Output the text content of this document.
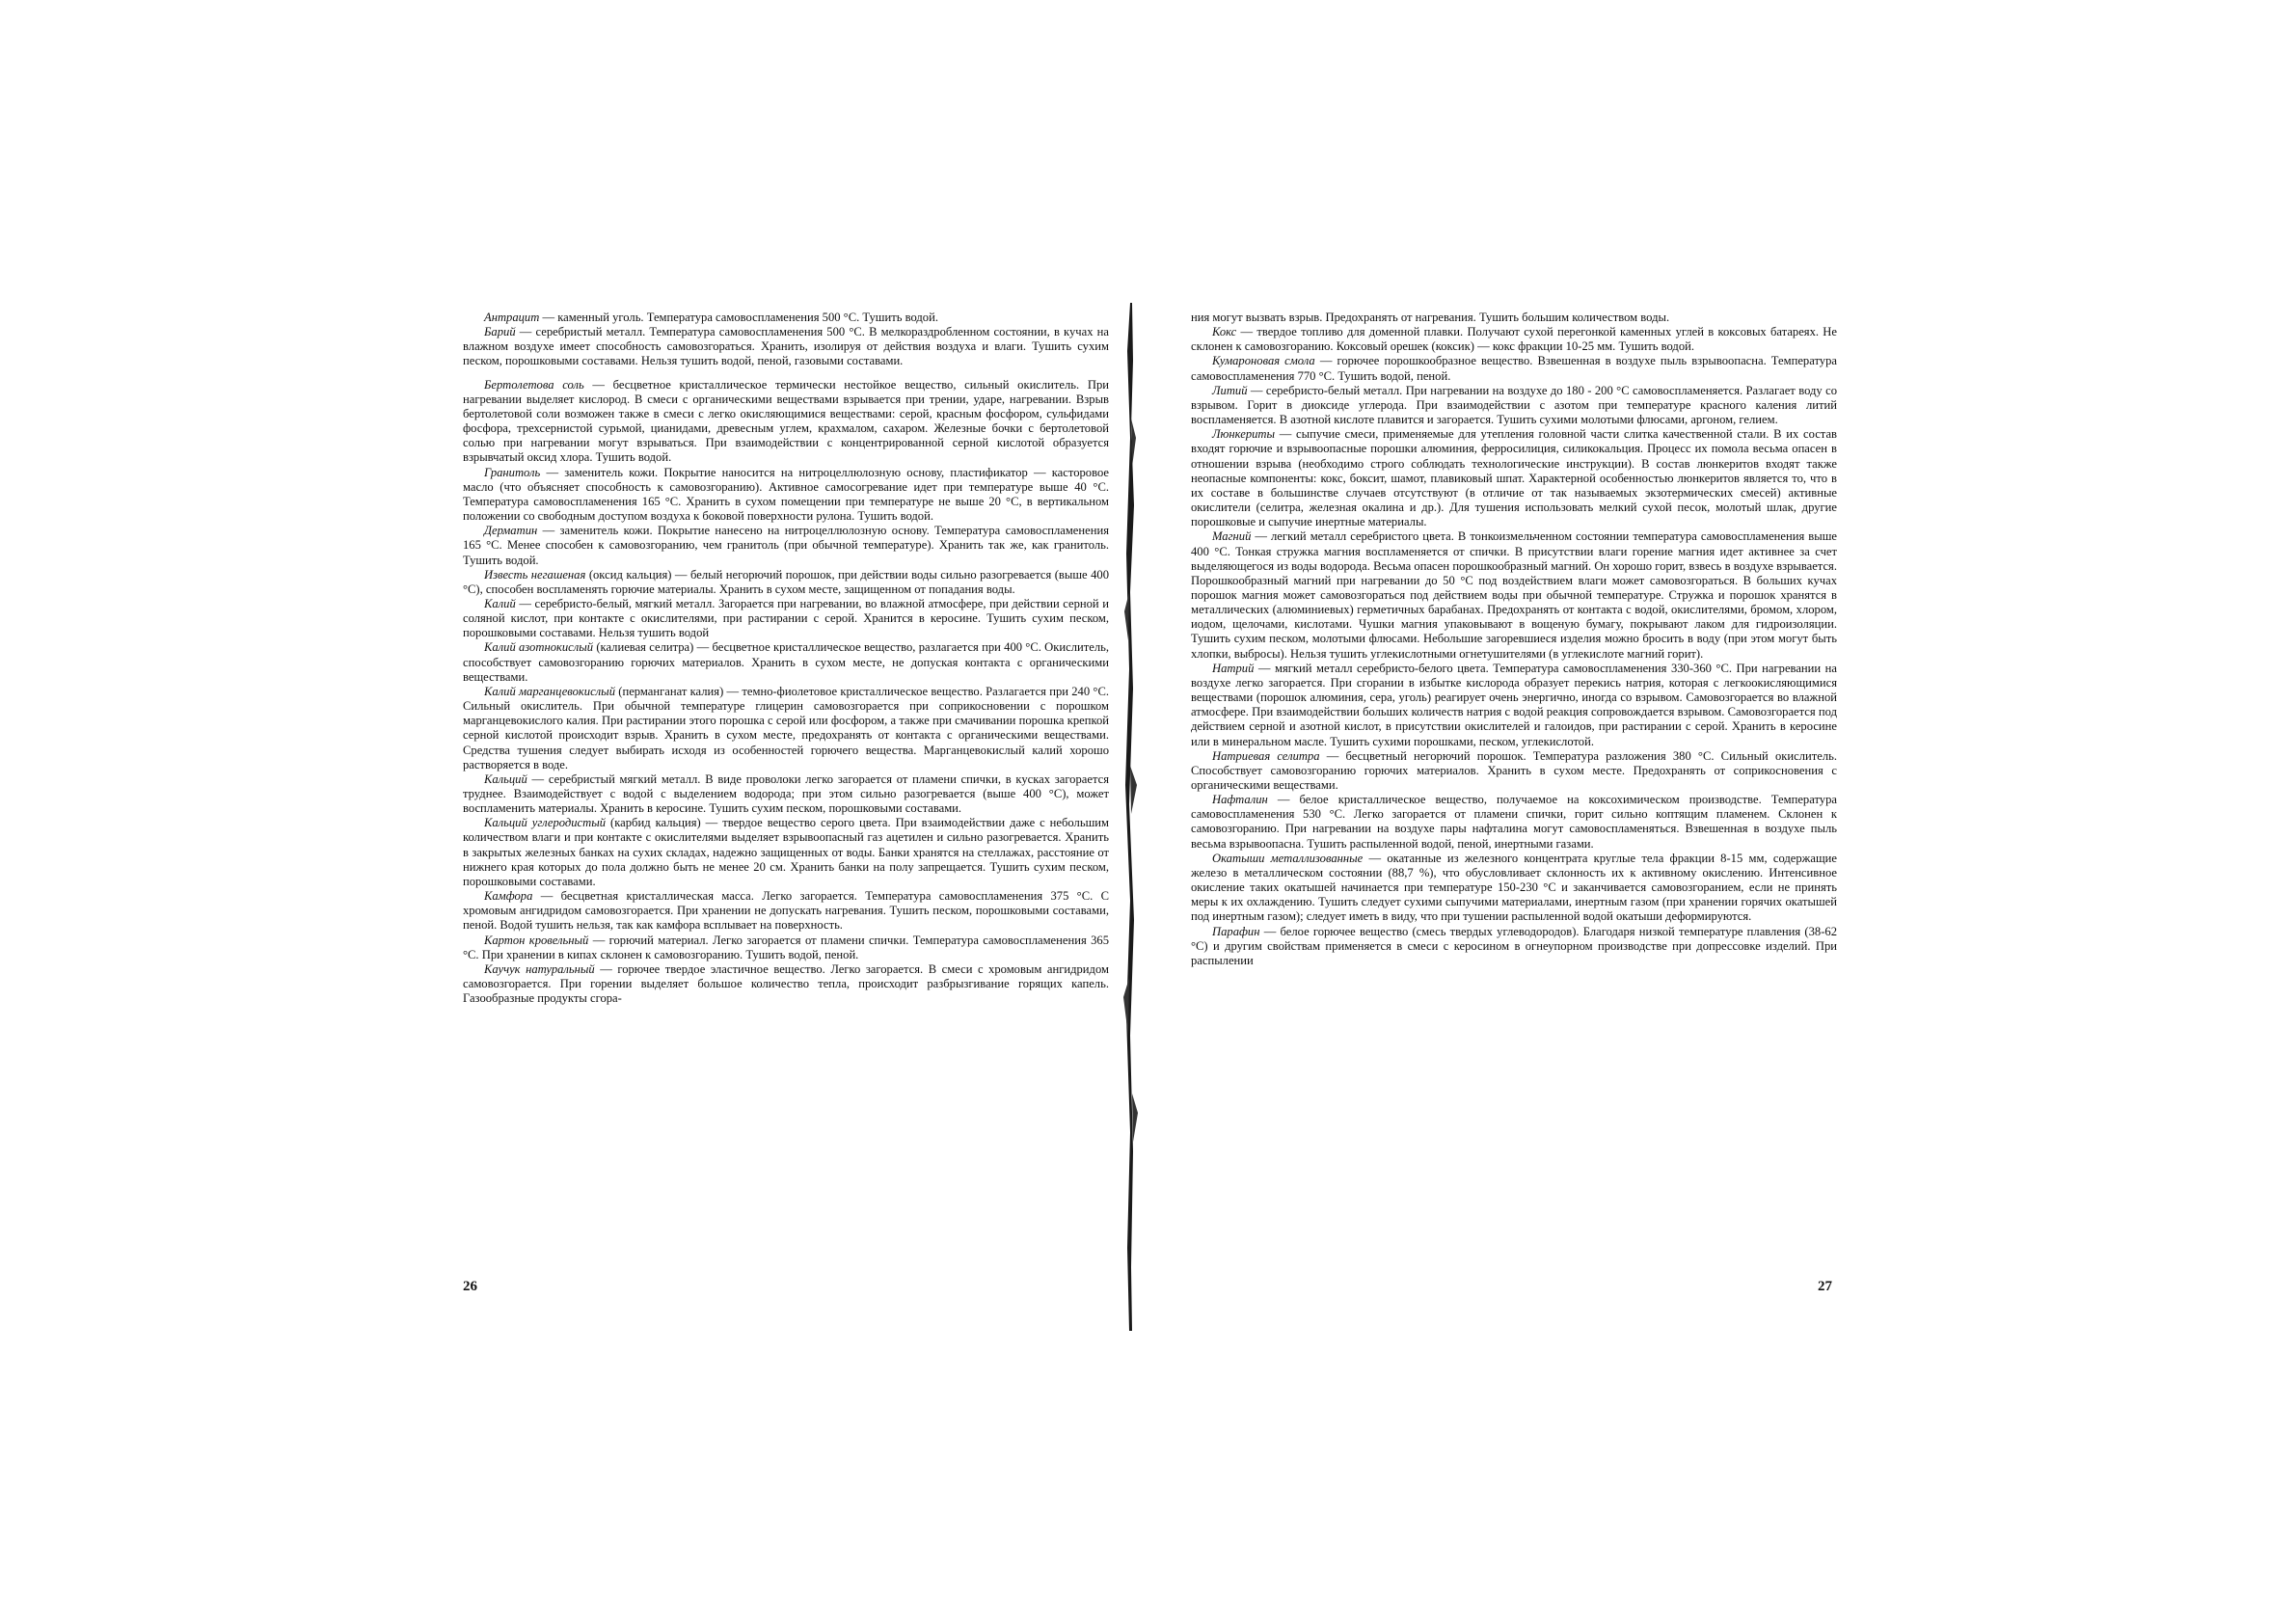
Антрацит — каменный уголь. Температура самовоспламенения 500 °С. Тушить водой.

Барий — серебристый металл. Температура самовоспламенения 500 °С. В мелкораздробленном состоянии, в кучах на влажном воздухе имеет способность самовозгораться. Хранить, изолируя от действия воздуха и влаги. Тушить сухим песком, порошковыми составами. Нельзя тушить водой, пеной, газовыми составами.

Бертолетова соль — бесцветное кристаллическое термически нестойкое вещество, сильный окислитель. При нагревании выделяет кислород. В смеси с органическими веществами взрывается при трении, ударе, нагревании. Взрыв бертолетовой соли возможен также в смеси с легко окисляющимися веществами: серой, красным фосфором, сульфидами фосфора, трехсернистой сурьмой, цианидами, древесным углем, крахмалом, сахаром. Железные бочки с бертолетовой солью при нагревании могут взрываться. При взаимодействии с концентрированной серной кислотой образуется взрывчатый оксид хлора. Тушить водой.

Гранитоль — заменитель кожи. Покрытие наносится на нитроцеллюлозную основу, пластификатор — касторовое масло (что объясняет способность к самовозгоранию). Активное самосогревание идет при температуре выше 40 °С. Температура самовоспламенения 165 °С. Хранить в сухом помещении при температуре не выше 20 °С, в вертикальном положении со свободным доступом воздуха к боковой поверхности рулона. Тушить водой.

Дерматин — заменитель кожи. Покрытие нанесено на нитроцеллюлозную основу. Температура самовоспламенения 165 °С. Менее способен к самовозгоранию, чем гранитоль (при обычной температуре). Хранить так же, как гранитоль. Тушить водой.

Известь негашеная (оксид кальция) — белый негорючий порошок, при действии воды сильно разогревается (выше 400 °С), способен воспламенять горючие материалы. Хранить в сухом месте, защищенном от попадания воды.

Калий — серебристо-белый, мягкий металл. Загорается при нагревании, во влажной атмосфере, при действии серной и соляной кислот, при контакте с окислителями, при растирании с серой. Хранится в керосине. Тушить сухим песком, порошковыми составами. Нельзя тушить водой

Калий азотнокислый (калиевая селитра) — бесцветное кристаллическое вещество, разлагается при 400 °С. Окислитель, способствует самовозгоранию горючих материалов. Хранить в сухом месте, не допуская контакта с органическими веществами.

Калий марганцевокислый (перманганат калия) — темно-фиолетовое кристаллическое вещество. Разлагается при 240 °С. Сильный окислитель. При обычной температуре глицерин самовозгорается при соприкосновении с порошком марганцевокислого калия. При растирании этого порошка с серой или фосфором, а также при смачивании порошка крепкой серной кислотой происходит взрыв. Хранить в сухом месте, предохранять от контакта с органическими веществами. Средства тушения следует выбирать исходя из особенностей горючего вещества. Марганцевокислый калий хорошо растворяется в воде.

Кальций — серебристый мягкий металл. В виде проволоки легко загорается от пламени спички, в кусках загорается труднее. Взаимодействует с водой с выделением водорода; при этом сильно разогревается (выше 400 °С), может воспламенить материалы. Хранить в керосине. Тушить сухим песком, порошковыми составами.

Кальций углеродистый (карбид кальция) — твердое вещество серого цвета. При взаимодействии даже с небольшим количеством влаги и при контакте с окислителями выделяет взрывоопасный газ ацетилен и сильно разогревается. Хранить в закрытых железных банках на сухих складах, надежно защищенных от воды. Банки хранятся на стеллажах, расстояние от нижнего края которых до пола должно быть не менее 20 см. Хранить банки на полу запрещается. Тушить сухим песком, порошковыми составами.

Камфора — бесцветная кристаллическая масса. Легко загорается. Температура самовоспламенения 375 °С. С хромовым ангидридом самовозгорается. При хранении не допускать нагревания. Тушить песком, порошковыми составами, пеной. Водой тушить нельзя, так как камфора всплывает на поверхность.

Картон кровельный — горючий материал. Легко загорается от пламени спички. Температура самовоспламенения 365 °С. При хранении в кипах склонен к самовозгоранию. Тушить водой, пеной.

Каучук натуральный — горючее твердое эластичное вещество. Легко загорается. В смеси с хромовым ангидридом самовозгорается. При горении выделяет большое количество тепла, происходит разбрызгивание горящих капель. Газообразные продукты сгора-

26

ния могут вызвать взрыв. Предохранять от нагревания. Тушить большим количеством воды.

Кокс — твердое топливо для доменной плавки. Получают сухой перегонкой каменных углей в коксовых батареях. Не склонен к самовозгоранию. Коксовый орешек (коксик) — кокс фракции 10-25 мм. Тушить водой.

Кумароновая смола — горючее порошкообразное вещество. Взвешенная в воздухе пыль взрывоопасна. Температура самовоспламенения 770 °С. Тушить водой, пеной.

Литий — серебристо-белый металл. При нагревании на воздухе до 180 - 200 °С самовоспламеняется. Разлагает воду со взрывом. Горит в диоксиде углерода. При взаимодействии с азотом при температуре красного каления литий воспламеняется. В азотной кислоте плавится и загорается. Тушить сухими молотыми флюсами, аргоном, гелием.

Люнкериты — сыпучие смеси, применяемые для утепления головной части слитка качественной стали. В их состав входят горючие и взрывоопасные порошки алюминия, ферросилиция, силикокальция. Процесс их помола весьма опасен в отношении взрыва (необходимо строго соблюдать технологические инструкции). В состав люнкеритов входят также неопасные компоненты: кокс, боксит, шамот, плавиковый шпат. Характерной особенностью люнкеритов является то, что в их составе в большинстве случаев отсутствуют (в отличие от так называемых экзотермических смесей) активные окислители (селитра, железная окалина и др.). Для тушения использовать мелкий сухой песок, молотый шлак, другие порошковые и сыпучие инертные материалы.

Магний — легкий металл серебристого цвета. В тонкоизмельченном состоянии температура самовоспламенения выше 400 °С. Тонкая стружка магния воспламеняется от спички. В присутствии влаги горение магния идет активнее за счет выделяющегося из воды водорода. Весьма опасен порошкообразный магний. Он хорошо горит, взвесь в воздухе взрывается. Порошкообразный магний при нагревании до 50 °С под воздействием влаги может самовозгораться. В больших кучах порошок магния может самовозгораться под действием воды при обычной температуре. Стружка и порошок хранятся в металлических (алюминиевых) герметичных барабанах. Предохранять от контакта с водой, окислителями, бромом, хлором, иодом, щелочами, кислотами. Чушки магния упаковывают в вощеную бумагу, покрывают лаком для гидроизоляции. Тушить сухим песком, молотыми флюсами. Небольшие загоревшиеся изделия можно бросить в воду (при этом могут быть хлопки, выбросы). Нельзя тушить углекислотными огнетушителями (в углекислоте магний горит).

Натрий — мягкий металл серебристо-белого цвета. Температура самовоспламенения 330-360 °С. При нагревании на воздухе легко загорается. При сгорании в избытке кислорода образует перекись натрия, которая с легкоокисляющимися веществами (порошок алюминия, сера, уголь) реагирует очень энергично, иногда со взрывом. Самовозгорается во влажной атмосфере. При взаимодействии больших количеств натрия с водой реакция сопровождается взрывом. Самовозгорается под действием серной и азотной кислот, в присутствии окислителей и галоидов, при растирании с серой. Хранить в керосине или в минеральном масле. Тушить сухими порошками, песком, углекислотой.

Натриевая селитра — бесцветный негорючий порошок. Температура разложения 380 °С. Сильный окислитель. Способствует самовозгоранию горючих материалов. Хранить в сухом месте. Предохранять от соприкосновения с органическими веществами.

Нафталин — белое кристаллическое вещество, получаемое на коксохимическом производстве. Температура самовоспламенения 530 °С. Легко загорается от пламени спички, горит сильно коптящим пламенем. Склонен к самовозгоранию. При нагревании на воздухе пары нафталина могут самовоспламеняться. Взвешенная в воздухе пыль весьма взрывоопасна. Тушить распыленной водой, пеной, инертными газами.

Окатыши металлизованные — окатанные из железного концентрата круглые тела фракции 8-15 мм, содержащие железо в металлическом состоянии (88,7 %), что обусловливает склонность их к активному окислению. Интенсивное окисление таких окатышей начинается при температуре 150-230 °С и заканчивается самовозгоранием, если не принять меры к их охлаждению. Тушить следует сухими сыпучими материалами, инертным газом (при хранении горячих окатышей под инертным газом); следует иметь в виду, что при тушении распыленной водой окатыши деформируются.

Парафин — белое горючее вещество (смесь твердых углеводородов). Благодаря низкой температуре плавления (38-62 °С) и другим свойствам применяется в смеси с керосином в огнеупорном производстве при допрессовке изделий. При распылении

27
